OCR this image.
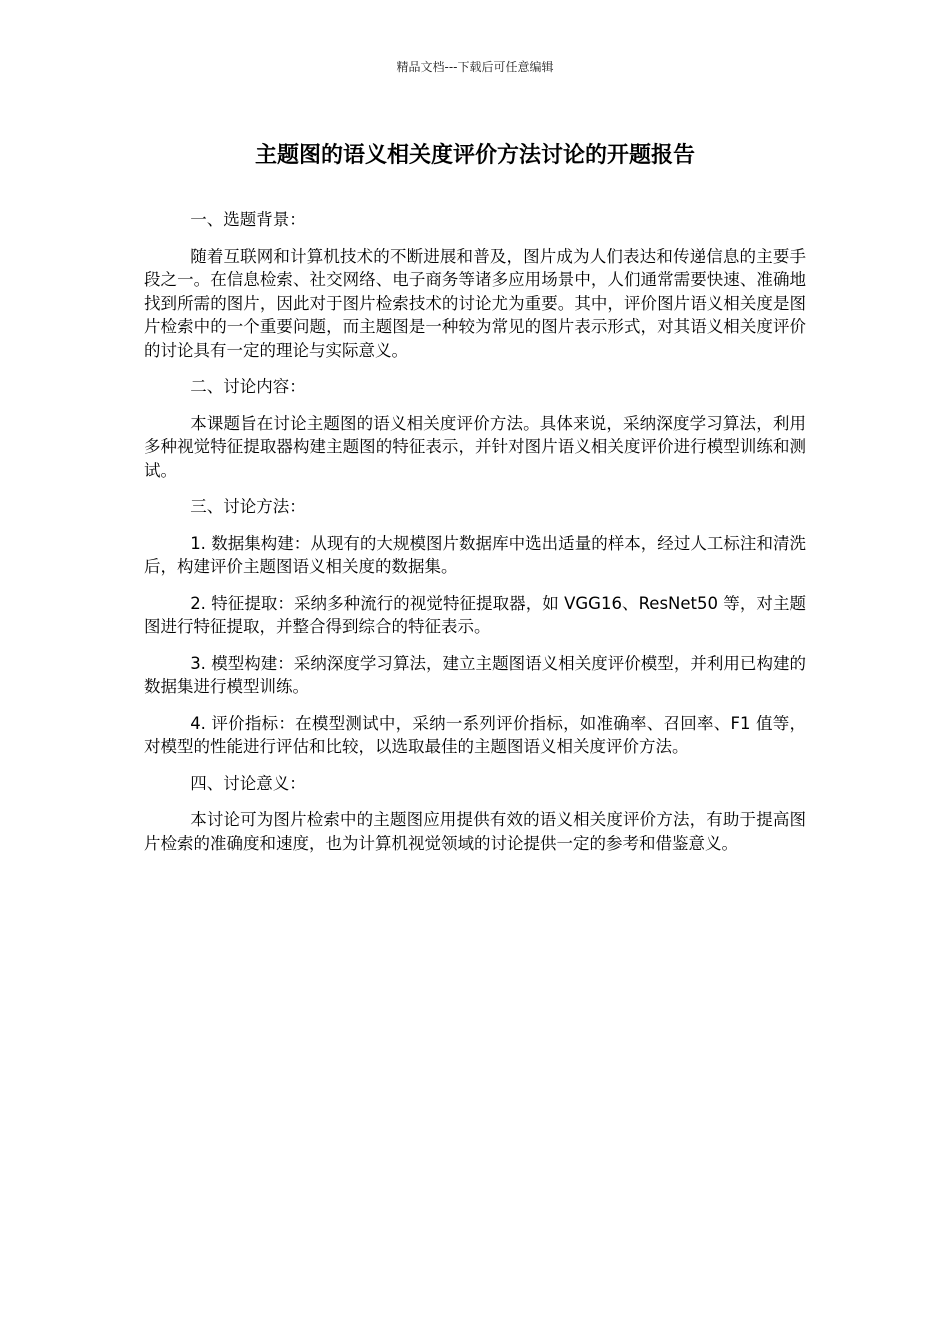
精品文档---下载后可任意编辑
主题图的语义相关度评价方法讨论的开题报告

一、选题背景：

随着互联网和计算机技术的不断进展和普及，图片成为人们表达和传递信息的主要手段之一。在信息检索、社交网络、电子商务等诸多应用场景中，人们通常需要快速、准确地找到所需的图片，因此对于图片检索技术的讨论尤为重要。其中，评价图片语义相关度是图片检索中的一个重要问题，而主题图是一种较为常见的图片表示形式，对其语义相关度评价的讨论具有一定的理论与实际意义。

二、讨论内容：

本课题旨在讨论主题图的语义相关度评价方法。具体来说，采纳深度学习算法，利用多种视觉特征提取器构建主题图的特征表示，并针对图片语义相关度评价进行模型训练和测试。

三、讨论方法：

1. 数据集构建：从现有的大规模图片数据库中选出适量的样本，经过人工标注和清洗后，构建评价主题图语义相关度的数据集。

2. 特征提取：采纳多种流行的视觉特征提取器，如 VGG16、ResNet50 等，对主题图进行特征提取，并整合得到综合的特征表示。

3. 模型构建：采纳深度学习算法，建立主题图语义相关度评价模型，并利用已构建的数据集进行模型训练。

4. 评价指标：在模型测试中，采纳一系列评价指标，如准确率、召回率、F1 值等，对模型的性能进行评估和比较，以选取最佳的主题图语义相关度评价方法。

四、讨论意义：

本讨论可为图片检索中的主题图应用提供有效的语义相关度评价方法，有助于提高图片检索的准确度和速度，也为计算机视觉领域的讨论提供一定的参考和借鉴意义。
